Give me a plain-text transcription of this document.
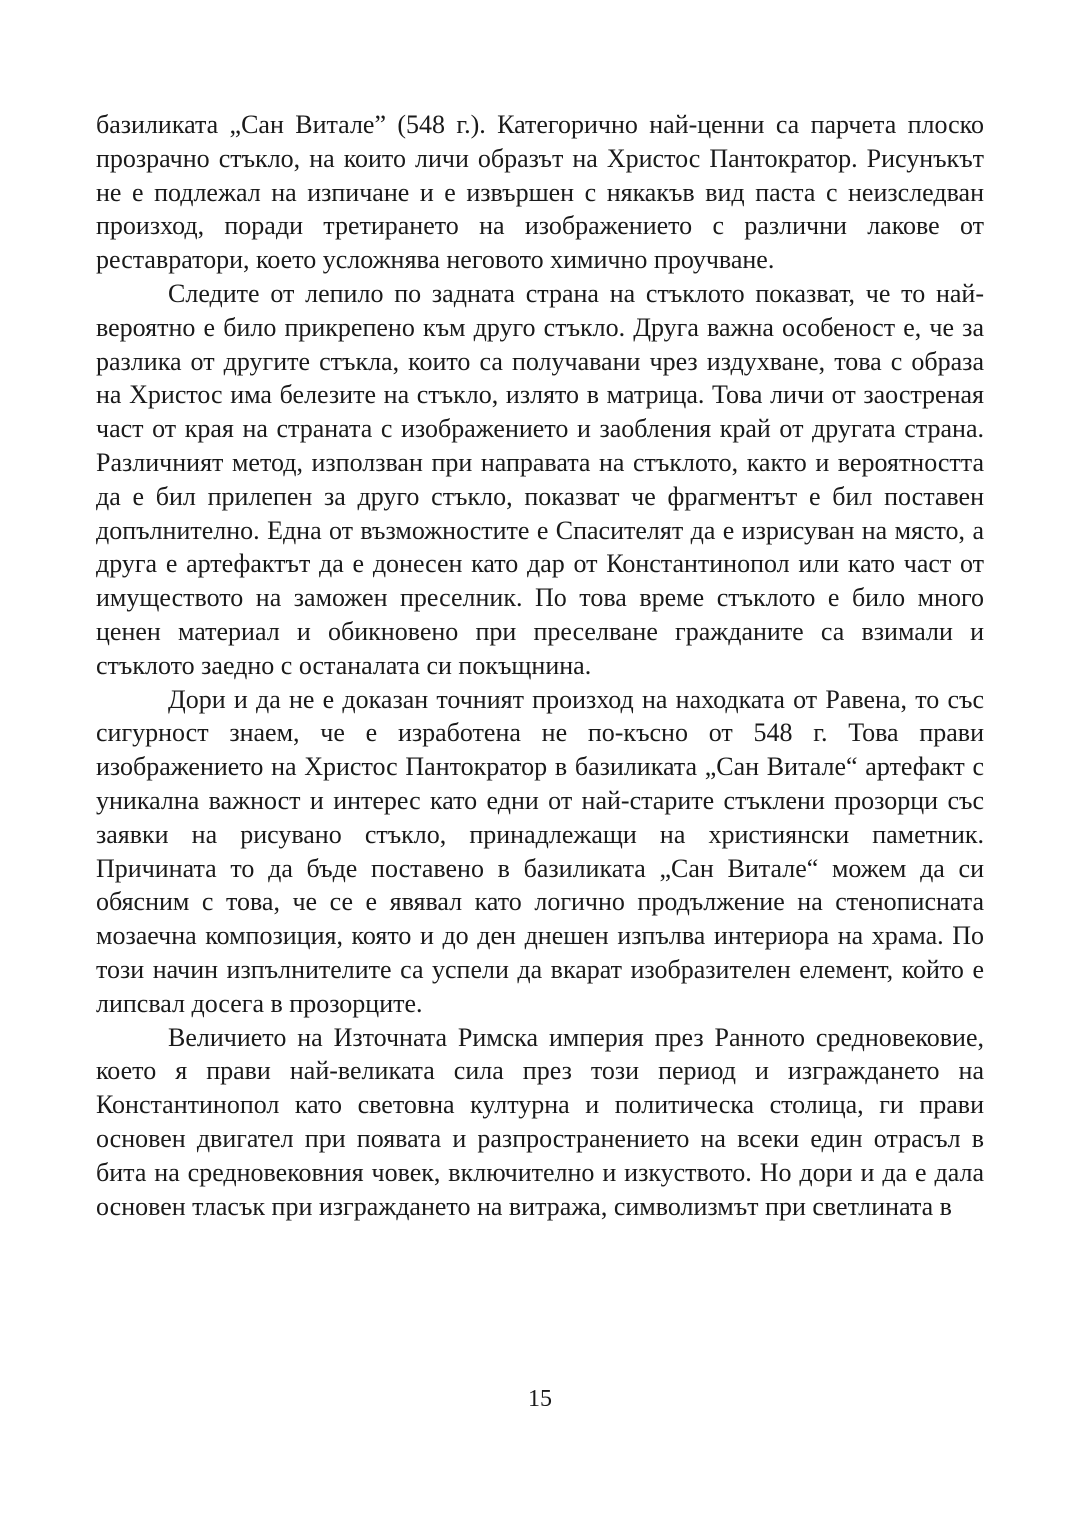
базиликата „Сан Витале” (548 г.). Категорично най-ценни са парчета плоско прозрачно стъкло, на които личи образът на Христос Пантократор. Рисунъкът не е подлежал на изпичане и е извършен с някакъв вид паста с неизследван произход, поради третирането на изображението с различни лакове от реставратори, което усложнява неговото химично проучване.

Следите от лепило по задната страна на стъклото показват, че то най-вероятно е било прикрепено към друго стъкло. Друга важна особеност е, че за разлика от другите стъкла, които са получавани чрез издухване, това с образа на Христос има белезите на стъкло, излято в матрица. Това личи от заостреная част от края на страната с изображението и заобления край от другата страна. Различният метод, използван при направата на стъклото, както и вероятността да е бил прилепен за друго стъкло, показват че фрагментът е бил поставен допълнително. Една от възможностите е Спасителят да е изрисуван на място, а друга е артефактът да е донесен като дар от Константинопол или като част от имуществото на заможен преселник. По това време стъклото е било много ценен материал и обикновено при преселване гражданите са взимали и стъклото заедно с останалата си покъщнина.

Дори и да не е доказан точният произход на находката от Равена, то със сигурност знаем, че е изработена не по-късно от 548 г. Това прави изображението на Христос Пантократор в базиликата „Сан Витале“ артефакт с уникална важност и интерес като едни от най-старите стъклени прозорци със заявки на рисувано стъкло, принадлежащи на християнски паметник. Причината то да бъде поставено в базиликата „Сан Витале“ можем да си обясним с това, че се е явявал като логично продължение на стенописната мозаечна композиция, която и до ден днешен изпълва интериора на храма. По този начин изпълнителите са успели да вкарат изобразителен елемент, който е липсвал досега в прозорците.

Величието на Източната Римска империя през Ранното средновековие, което я прави най-великата сила през този период и изграждането на Константинопол като световна културна и политическа столица, ги прави основен двигател при появата и разпространението на всеки един отрасъл в бита на средновековния човек, включително и изкуството. Но дори и да е дала основен тласък при изграждането на витража, символизмът при светлината в

15
